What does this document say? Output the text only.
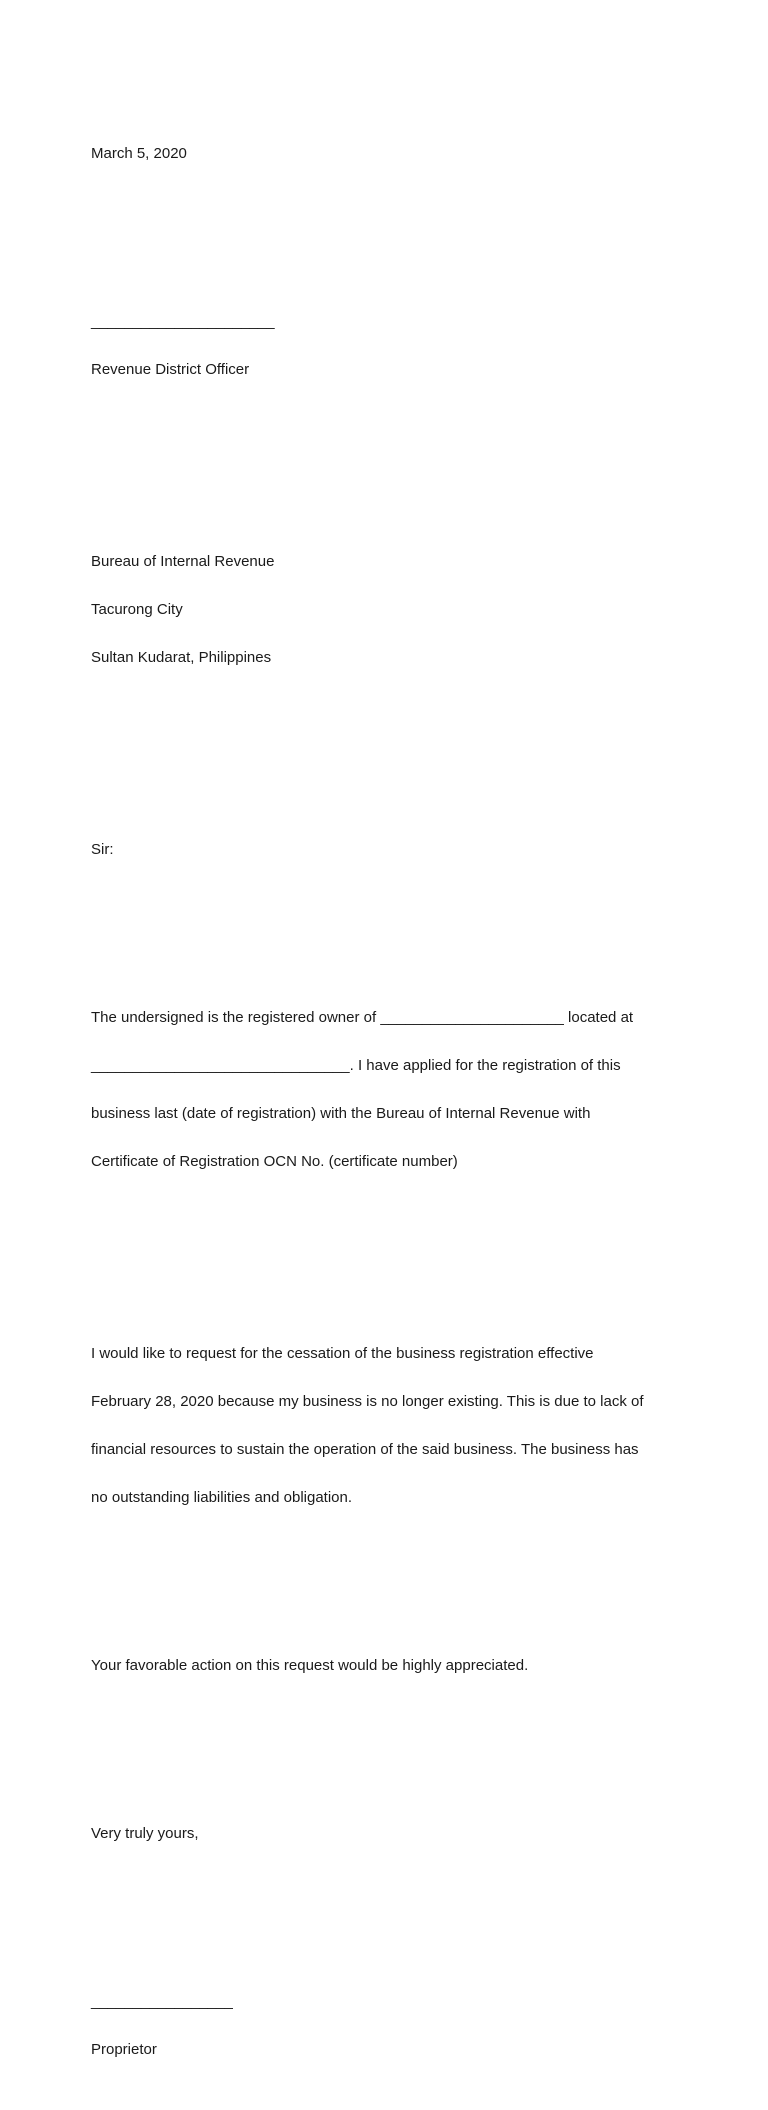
March 5, 2020

______________________

Revenue District Officer

Bureau of Internal Revenue

Tacurong City

Sultan Kudarat, Philippines

Sir:

The undersigned is the registered owner of ______________________ located at

_______________________________. I have applied for the registration of this

business last (date of registration) with the Bureau of Internal Revenue with

Certificate of Registration OCN No. (certificate number)

I would like to request for the cessation of the business registration effective

February 28, 2020 because my business is no longer existing. This is due to lack of

financial resources to sustain the operation of the said business. The business has

no outstanding liabilities and obligation.

Your favorable action on this request would be highly appreciated.

Very truly yours,

_________________

Proprietor
